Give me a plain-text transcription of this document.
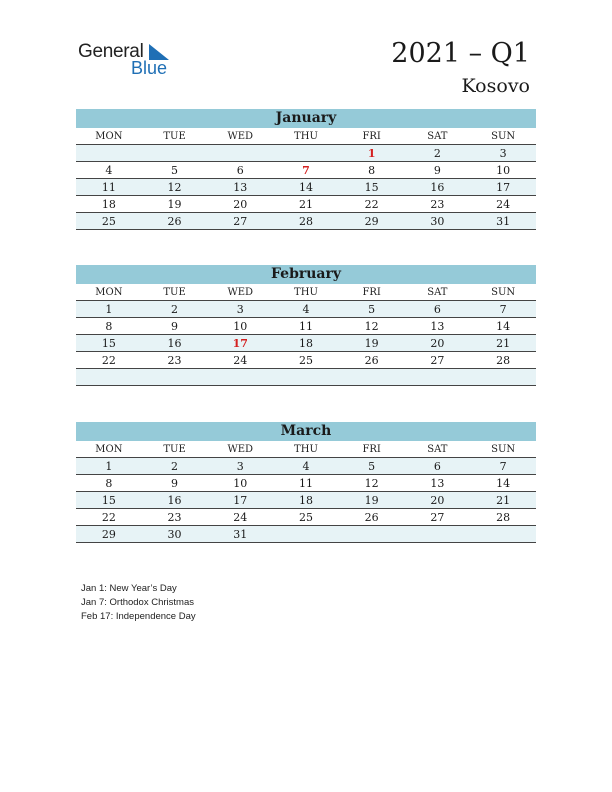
General
Blue	2021 – Q1
Kosovo
January
MON	TUE	WED	THU	FRI	SAT	SUN
				1	2	3
4	5	6	7	8	9	10
11	12	13	14	15	16	17
18	19	20	21	22	23	24
25	26	27	28	29	30	31
February
MON	TUE	WED	THU	FRI	SAT	SUN
1	2	3	4	5	6	7
8	9	10	11	12	13	14
15	16	17	18	19	20	21
22	23	24	25	26	27	28

March
MON	TUE	WED	THU	FRI	SAT	SUN
1	2	3	4	5	6	7
8	9	10	11	12	13	14
15	16	17	18	19	20	21
22	23	24	25	26	27	28
29	30	31				
Jan 1: New Year’s Day
Jan 7: Orthodox Christmas
Feb 17: Independence Day
